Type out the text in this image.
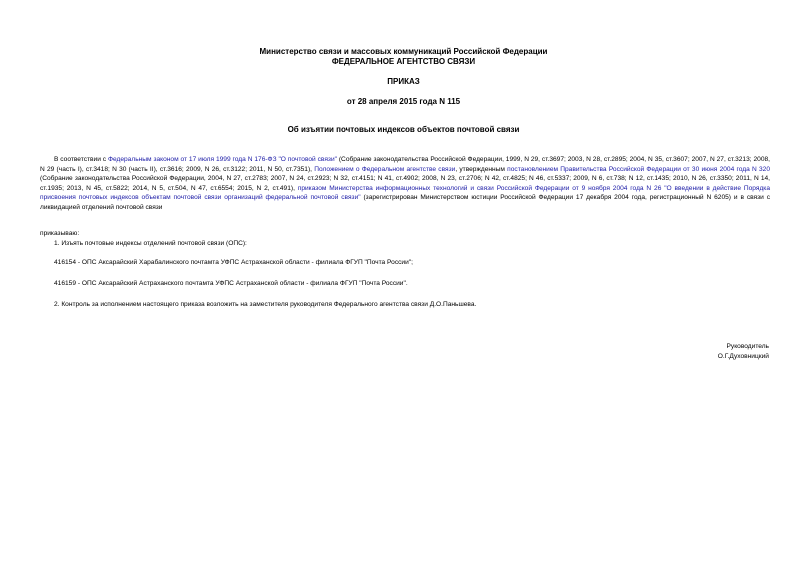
Министерство связи и массовых коммуникаций Российской Федерации
ФЕДЕРАЛЬНОЕ АГЕНТСТВО СВЯЗИ
ПРИКАЗ
от 28 апреля 2015 года N 115
Об изъятии почтовых индексов объектов почтовой связи

В соответствии с Федеральным законом от 17 июля 1999 года N 176-ФЗ "О почтовой связи" (Собрание законодательства Российской Федерации, 1999, N 29, ст.3697; 2003, N 28, ст.2895; 2004, N 35, ст.3607; 2007, N 27, ст.3213; 2008, N 29 (часть I), ст.3418; N 30 (часть II), ст.3616; 2009, N 26, ст.3122; 2011, N 50, ст.7351), Положением о Федеральном агентстве связи, утвержденным постановлением Правительства Российской Федерации от 30 июня 2004 года N 320 (Собрание законодательства Российской Федерации, 2004, N 27, ст.2783; 2007, N 24, ст.2923; N 32, ст.4151; N 41, ст.4902; 2008, N 23, ст.2706; N 42, ст.4825; N 46, ст.5337; 2009, N 6, ст.738; N 12, ст.1435; 2010, N 26, ст.3350; 2011, N 14, ст.1935; 2013, N 45, ст.5822; 2014, N 5, ст.504, N 47, ст.6554; 2015, N 2, ст.491), приказом Министерства информационных технологий и связи Российской Федерации от 9 ноября 2004 года N 26 "О введении в действие Порядка присвоения почтовых индексов объектам почтовой связи организаций федеральной почтовой связи" (зарегистрирован Министерством юстиции Российской Федерации 17 декабря 2004 года, регистрационный N 6205) и в связи с ликвидацией отделений почтовой связи

приказываю:
1. Изъять почтовые индексы отделений почтовой связи (ОПС):
416154 - ОПС Аксарайский Харабалинского почтамта УФПС Астраханской области - филиала ФГУП "Почта России";
416159 - ОПС Аксарайский Астраханского почтамта УФПС Астраханской области - филиала ФГУП "Почта России".
2. Контроль за исполнением настоящего приказа возложить на заместителя руководителя Федерального агентства связи Д.О.Паньшева.
Руководитель
О.Г.Духовницкий
